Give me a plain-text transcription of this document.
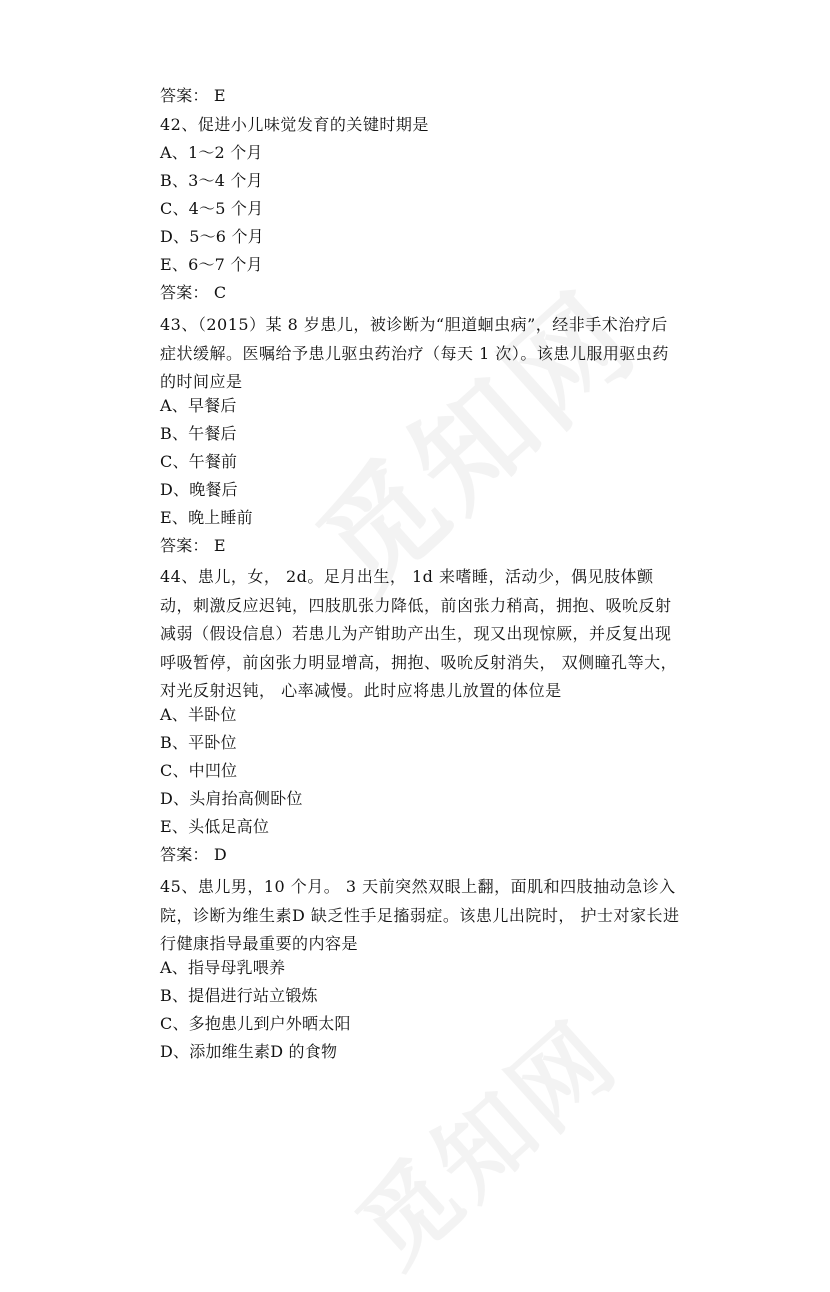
答案： E
42、促进小儿味觉发育的关键时期是
A、1～2 个月
B、3～4 个月
C、4～5 个月
D、5～6 个月
E、6～7 个月
答案： C
43、（2015）某 8 岁患儿，被诊断为“胆道蛔虫病”，经非手术治疗后症状缓解。医嘱给予患儿驱虫药治疗（每天 1 次）。该患儿服用驱虫药的时间应是
A、早餐后
B、午餐后
C、午餐前
D、晚餐后
E、晚上睡前
答案： E
44、患儿，女， 2d。足月出生， 1d 来嗜睡，活动少，偶见肢体颤动，刺激反应迟钝，四肢肌张力降低，前囟张力稍高，拥抱、吸吮反射减弱（假设信息）若患儿为产钳助产出生，现又出现惊厥，并反复出现呼吸暂停，前囟张力明显增高，拥抱、吸吮反射消失， 双侧瞳孔等大，对光反射迟钝， 心率减慢。此时应将患儿放置的体位是
A、半卧位
B、平卧位
C、中凹位
D、头肩抬高侧卧位
E、头低足高位
答案： D
45、患儿男，10 个月。 3 天前突然双眼上翻，面肌和四肢抽动急诊入院，诊断为维生素D 缺乏性手足搐弱症。该患儿出院时， 护士对家长进行健康指导最重要的内容是
A、指导母乳喂养
B、提倡进行站立锻炼
C、多抱患儿到户外晒太阳
D、添加维生素D 的食物
